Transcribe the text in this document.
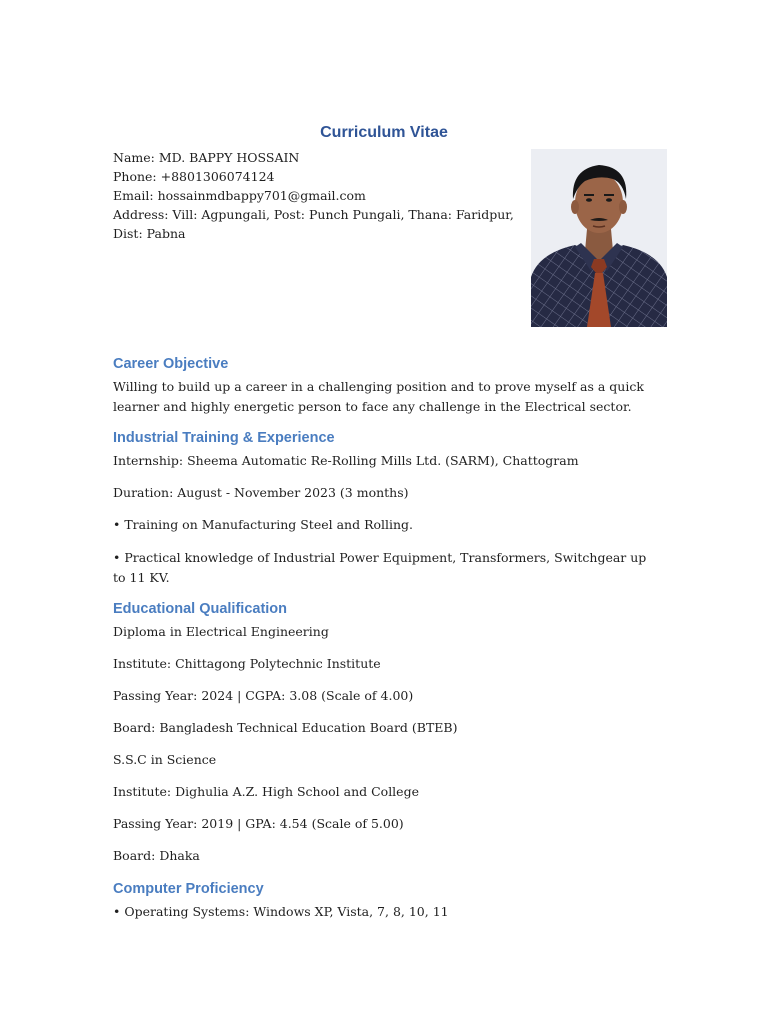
Curriculum Vitae
Name: MD. BAPPY HOSSAIN
Phone: +8801306074124
Email: hossainmdbappy701@gmail.com
Address: Vill: Agpungali, Post: Punch Pungali, Thana: Faridpur,
Dist: Pabna
Career Objective
Willing to build up a career in a challenging position and to prove myself as a quick learner and highly energetic person to face any challenge in the Electrical sector.
Industrial Training & Experience
Internship: Sheema Automatic Re-Rolling Mills Ltd. (SARM), Chattogram
Duration: August - November 2023 (3 months)
• Training on Manufacturing Steel and Rolling.
• Practical knowledge of Industrial Power Equipment, Transformers, Switchgear up to 11 KV.
Educational Qualification
Diploma in Electrical Engineering
Institute: Chittagong Polytechnic Institute
Passing Year: 2024 | CGPA: 3.08 (Scale of 4.00)
Board: Bangladesh Technical Education Board (BTEB)
S.S.C in Science
Institute: Dighulia A.Z. High School and College
Passing Year: 2019 | GPA: 4.54 (Scale of 5.00)
Board: Dhaka
Computer Proficiency
• Operating Systems: Windows XP, Vista, 7, 8, 10, 11
